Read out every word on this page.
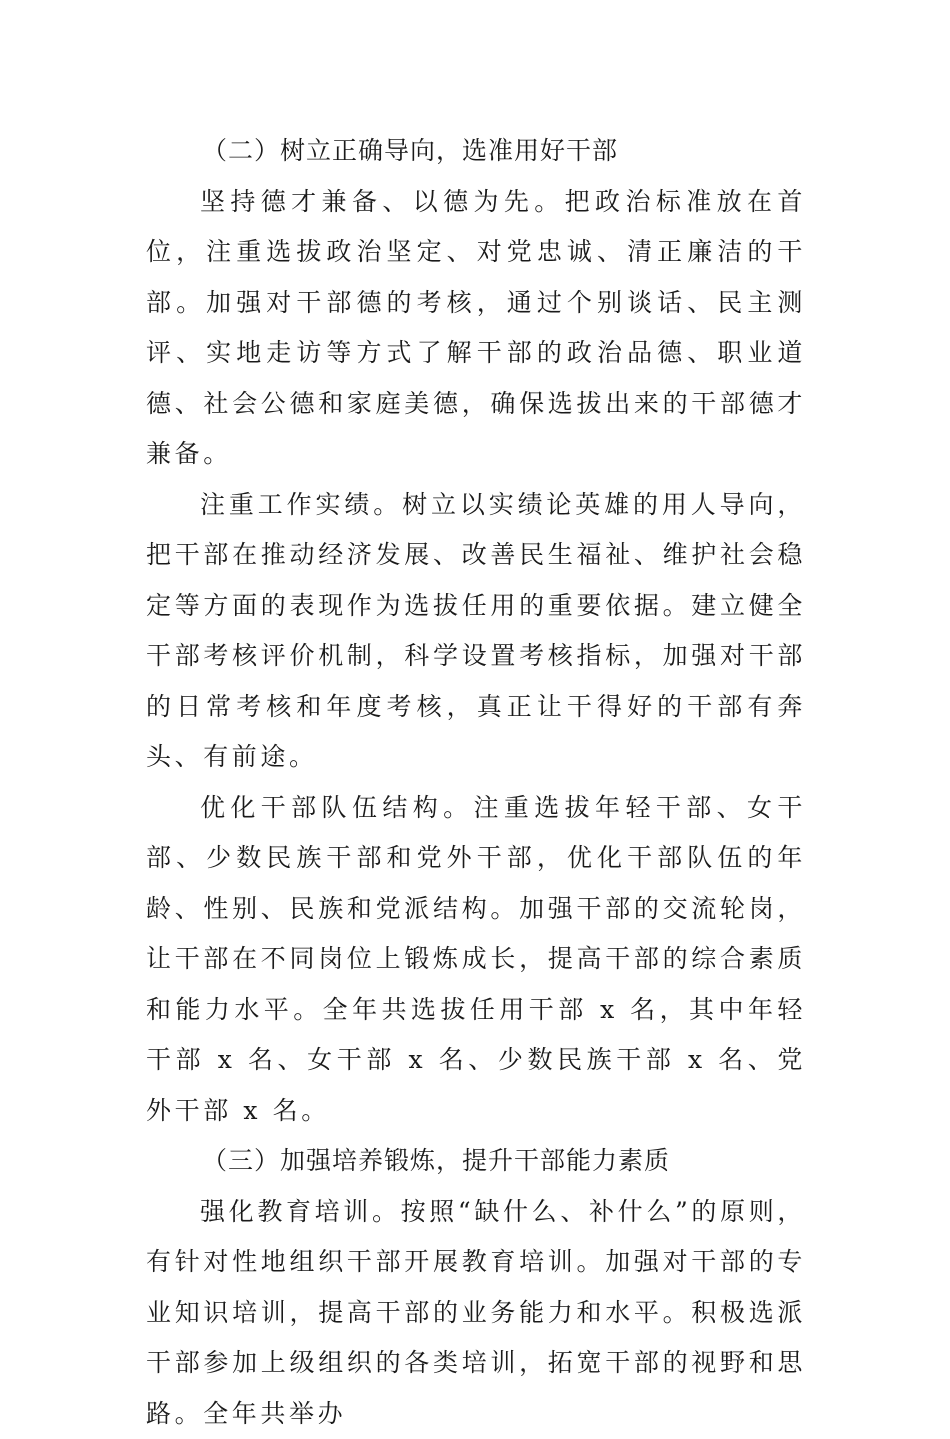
（二）树立正确导向，选准用好干部

坚持德才兼备、以德为先。把政治标准放在首位，注重选拔政治坚定、对党忠诚、清正廉洁的干部。加强对干部德的考核，通过个别谈话、民主测评、实地走访等方式了解干部的政治品德、职业道德、社会公德和家庭美德，确保选拔出来的干部德才兼备。

注重工作实绩。树立以实绩论英雄的用人导向，把干部在推动经济发展、改善民生福祉、维护社会稳定等方面的表现作为选拔任用的重要依据。建立健全干部考核评价机制，科学设置考核指标，加强对干部的日常考核和年度考核，真正让干得好的干部有奔头、有前途。

优化干部队伍结构。注重选拔年轻干部、女干部、少数民族干部和党外干部，优化干部队伍的年龄、性别、民族和党派结构。加强干部的交流轮岗，让干部在不同岗位上锻炼成长，提高干部的综合素质和能力水平。全年共选拔任用干部 x 名，其中年轻干部 x 名、女干部 x 名、少数民族干部 x 名、党外干部 x 名。

（三）加强培养锻炼，提升干部能力素质

强化教育培训。按照“缺什么、补什么”的原则，有针对性地组织干部开展教育培训。加强对干部的专业知识培训，提高干部的业务能力和水平。积极选派干部参加上级组织的各类培训，拓宽干部的视野和思路。全年共举办
